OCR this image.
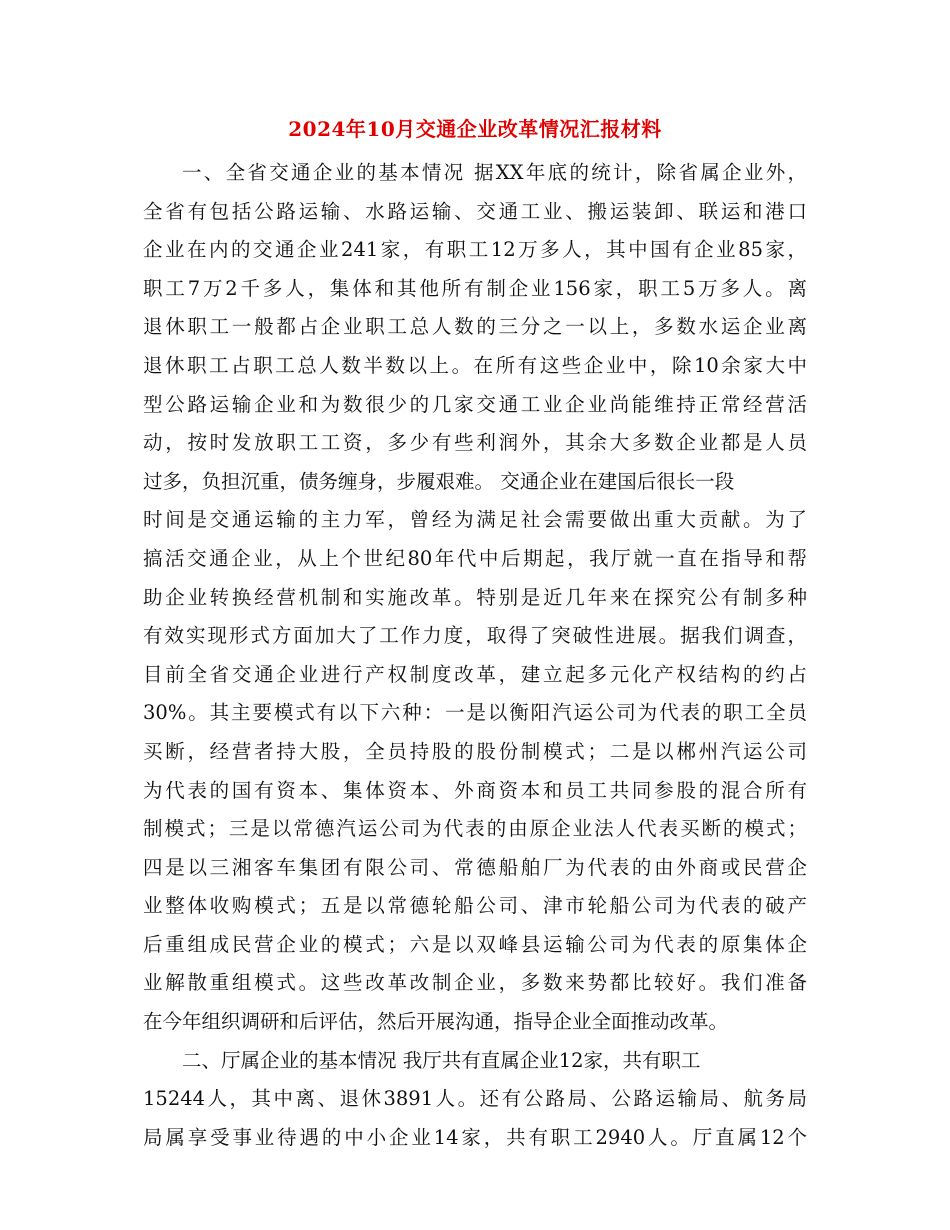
2024年10月交通企业改革情况汇报材料
一、全省交通企业的基本情况 据XX年底的统计，除省属企业外，
全省有包括公路运输、水路运输、交通工业、搬运装卸、联运和港口
企业在内的交通企业241家，有职工12万多人，其中国有企业85家，
职工7万2千多人，集体和其他所有制企业156家，职工5万多人。离
退休职工一般都占企业职工总人数的三分之一以上，多数水运企业离
退休职工占职工总人数半数以上。在所有这些企业中，除10余家大中
型公路运输企业和为数很少的几家交通工业企业尚能维持正常经营活
动，按时发放职工工资，多少有些利润外，其余大多数企业都是人员
过多，负担沉重，债务缠身，步履艰难。 交通企业在建国后很长一段
时间是交通运输的主力军，曾经为满足社会需要做出重大贡献。为了
搞活交通企业，从上个世纪80年代中后期起，我厅就一直在指导和帮
助企业转换经营机制和实施改革。特别是近几年来在探究公有制多种
有效实现形式方面加大了工作力度，取得了突破性进展。据我们调查，
目前全省交通企业进行产权制度改革，建立起多元化产权结构的约占
30%。其主要模式有以下六种：一是以衡阳汽运公司为代表的职工全员
买断，经营者持大股，全员持股的股份制模式；二是以郴州汽运公司
为代表的国有资本、集体资本、外商资本和员工共同参股的混合所有
制模式；三是以常德汽运公司为代表的由原企业法人代表买断的模式；
四是以三湘客车集团有限公司、常德船舶厂为代表的由外商或民营企
业整体收购模式；五是以常德轮船公司、津市轮船公司为代表的破产
后重组成民营企业的模式；六是以双峰县运输公司为代表的原集体企
业解散重组模式。这些改革改制企业，多数来势都比较好。我们准备
在今年组织调研和后评估，然后开展沟通，指导企业全面推动改革。
二、厅属企业的基本情况 我厅共有直属企业12家，共有职工
15244人，其中离、退休3891人。还有公路局、公路运输局、航务局
局属享受事业待遇的中小企业14家，共有职工2940人。厅直属12个
